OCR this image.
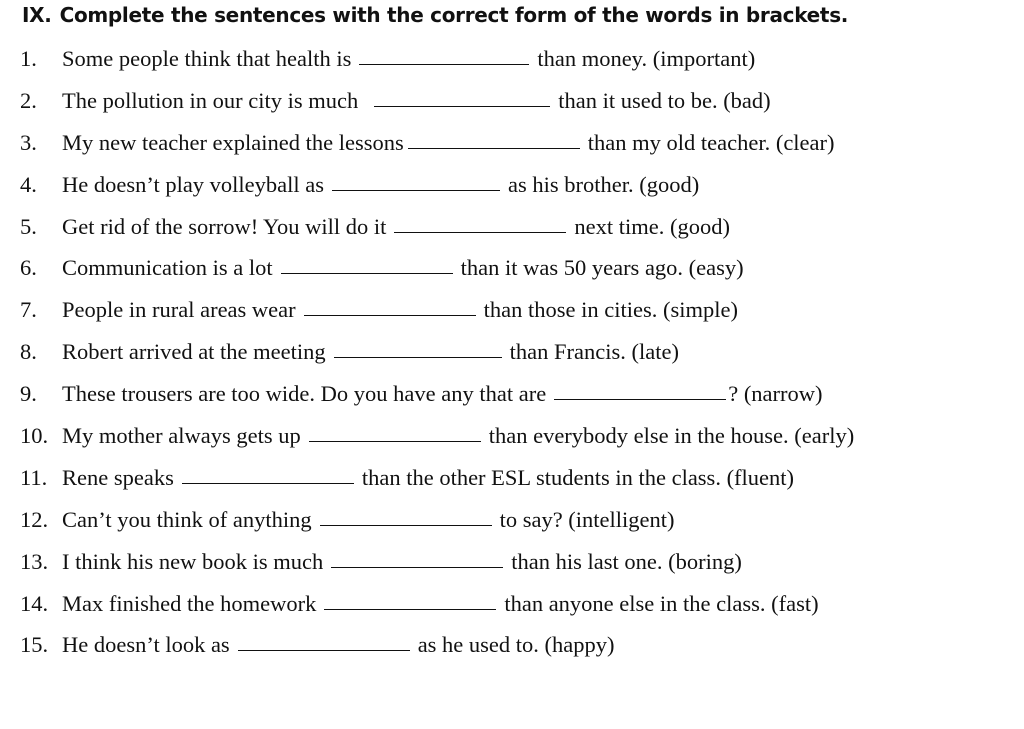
IX. Complete the sentences with the correct form of the words in brackets.
1.	Some people think that health is	than money. (important)
2.	The pollution in our city is much	than it used to be. (bad)
3.	My new teacher explained the lessons	than my old teacher. (clear)
4.	He doesn’t play volleyball as	as his brother. (good)
5.	Get rid of the sorrow! You will do it	next time. (good)
6.	Communication is a lot	than it was 50 years ago. (easy)
7.	People in rural areas wear	than those in cities. (simple)
8.	Robert arrived at the meeting	than Francis. (late)
9.	These trousers are too wide. Do you have any that are	? (narrow)
10. My mother always gets up	than everybody else in the house. (early)
11. Rene speaks	than the other ESL students in the class. (fluent)
12. Can’t you think of anything	to say? (intelligent)
13. I think his new book is much	than his last one. (boring)
14. Max finished the homework	than anyone else in the class. (fast)
15. He doesn’t look as	as he used to. (happy)
